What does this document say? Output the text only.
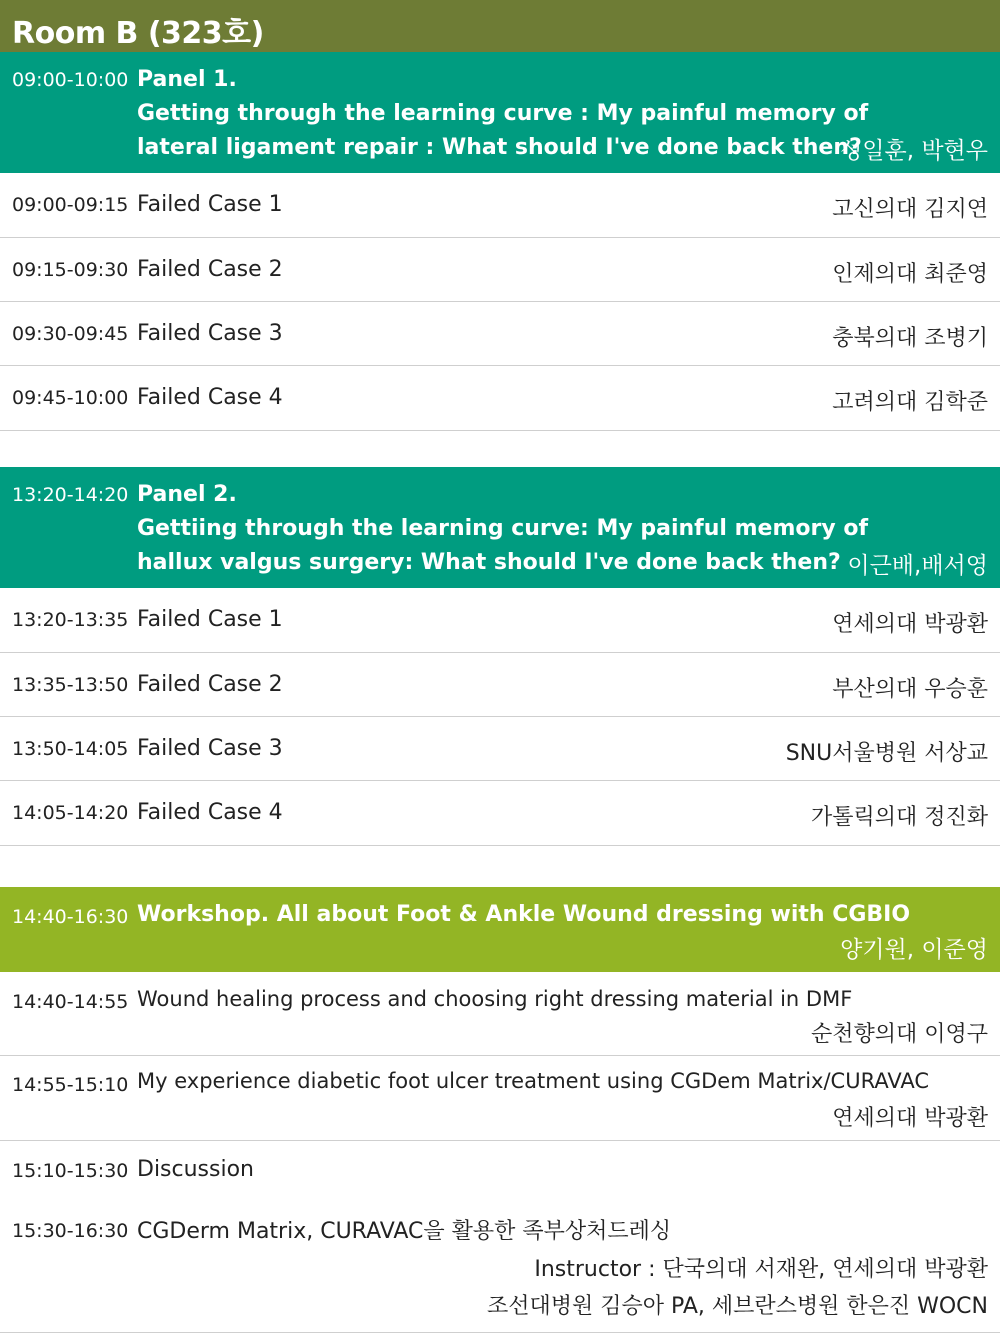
Room B (323호)
09:00-10:00 Panel 1.
Getting through the learning curve : My painful memory of
lateral ligament repair : What should I've done back then?
성일훈, 박현우
09:00-09:15 Failed Case 1	고신의대 김지연
09:15-09:30 Failed Case 2	인제의대 최준영
09:30-09:45 Failed Case 3	충북의대 조병기
09:45-10:00 Failed Case 4	고려의대 김학준
13:20-14:20 Panel 2.
Gettiing through the learning curve: My painful memory of
hallux valgus surgery: What should I've done back then? 이근배,배서영
13:20-13:35 Failed Case 1	연세의대 박광환
13:35-13:50 Failed Case 2	부산의대 우승훈
13:50-14:05 Failed Case 3	SNU서울병원 서상교
14:05-14:20 Failed Case 4	가톨릭의대 정진화
14:40-16:30 Workshop. All about Foot & Ankle Wound dressing with CGBIO
양기원, 이준영
14:40-14:55 Wound healing process and choosing right dressing material in DMF
순천향의대 이영구
14:55-15:10 My experience diabetic foot ulcer treatment using CGDem Matrix/CURAVAC
연세의대 박광환
15:10-15:30 Discussion
15:30-16:30 CGDerm Matrix, CURAVAC을 활용한 족부상처드레싱
Instructor : 단국의대 서재완, 연세의대 박광환
조선대병원 김승아 PA, 세브란스병원 한은진 WOCN
